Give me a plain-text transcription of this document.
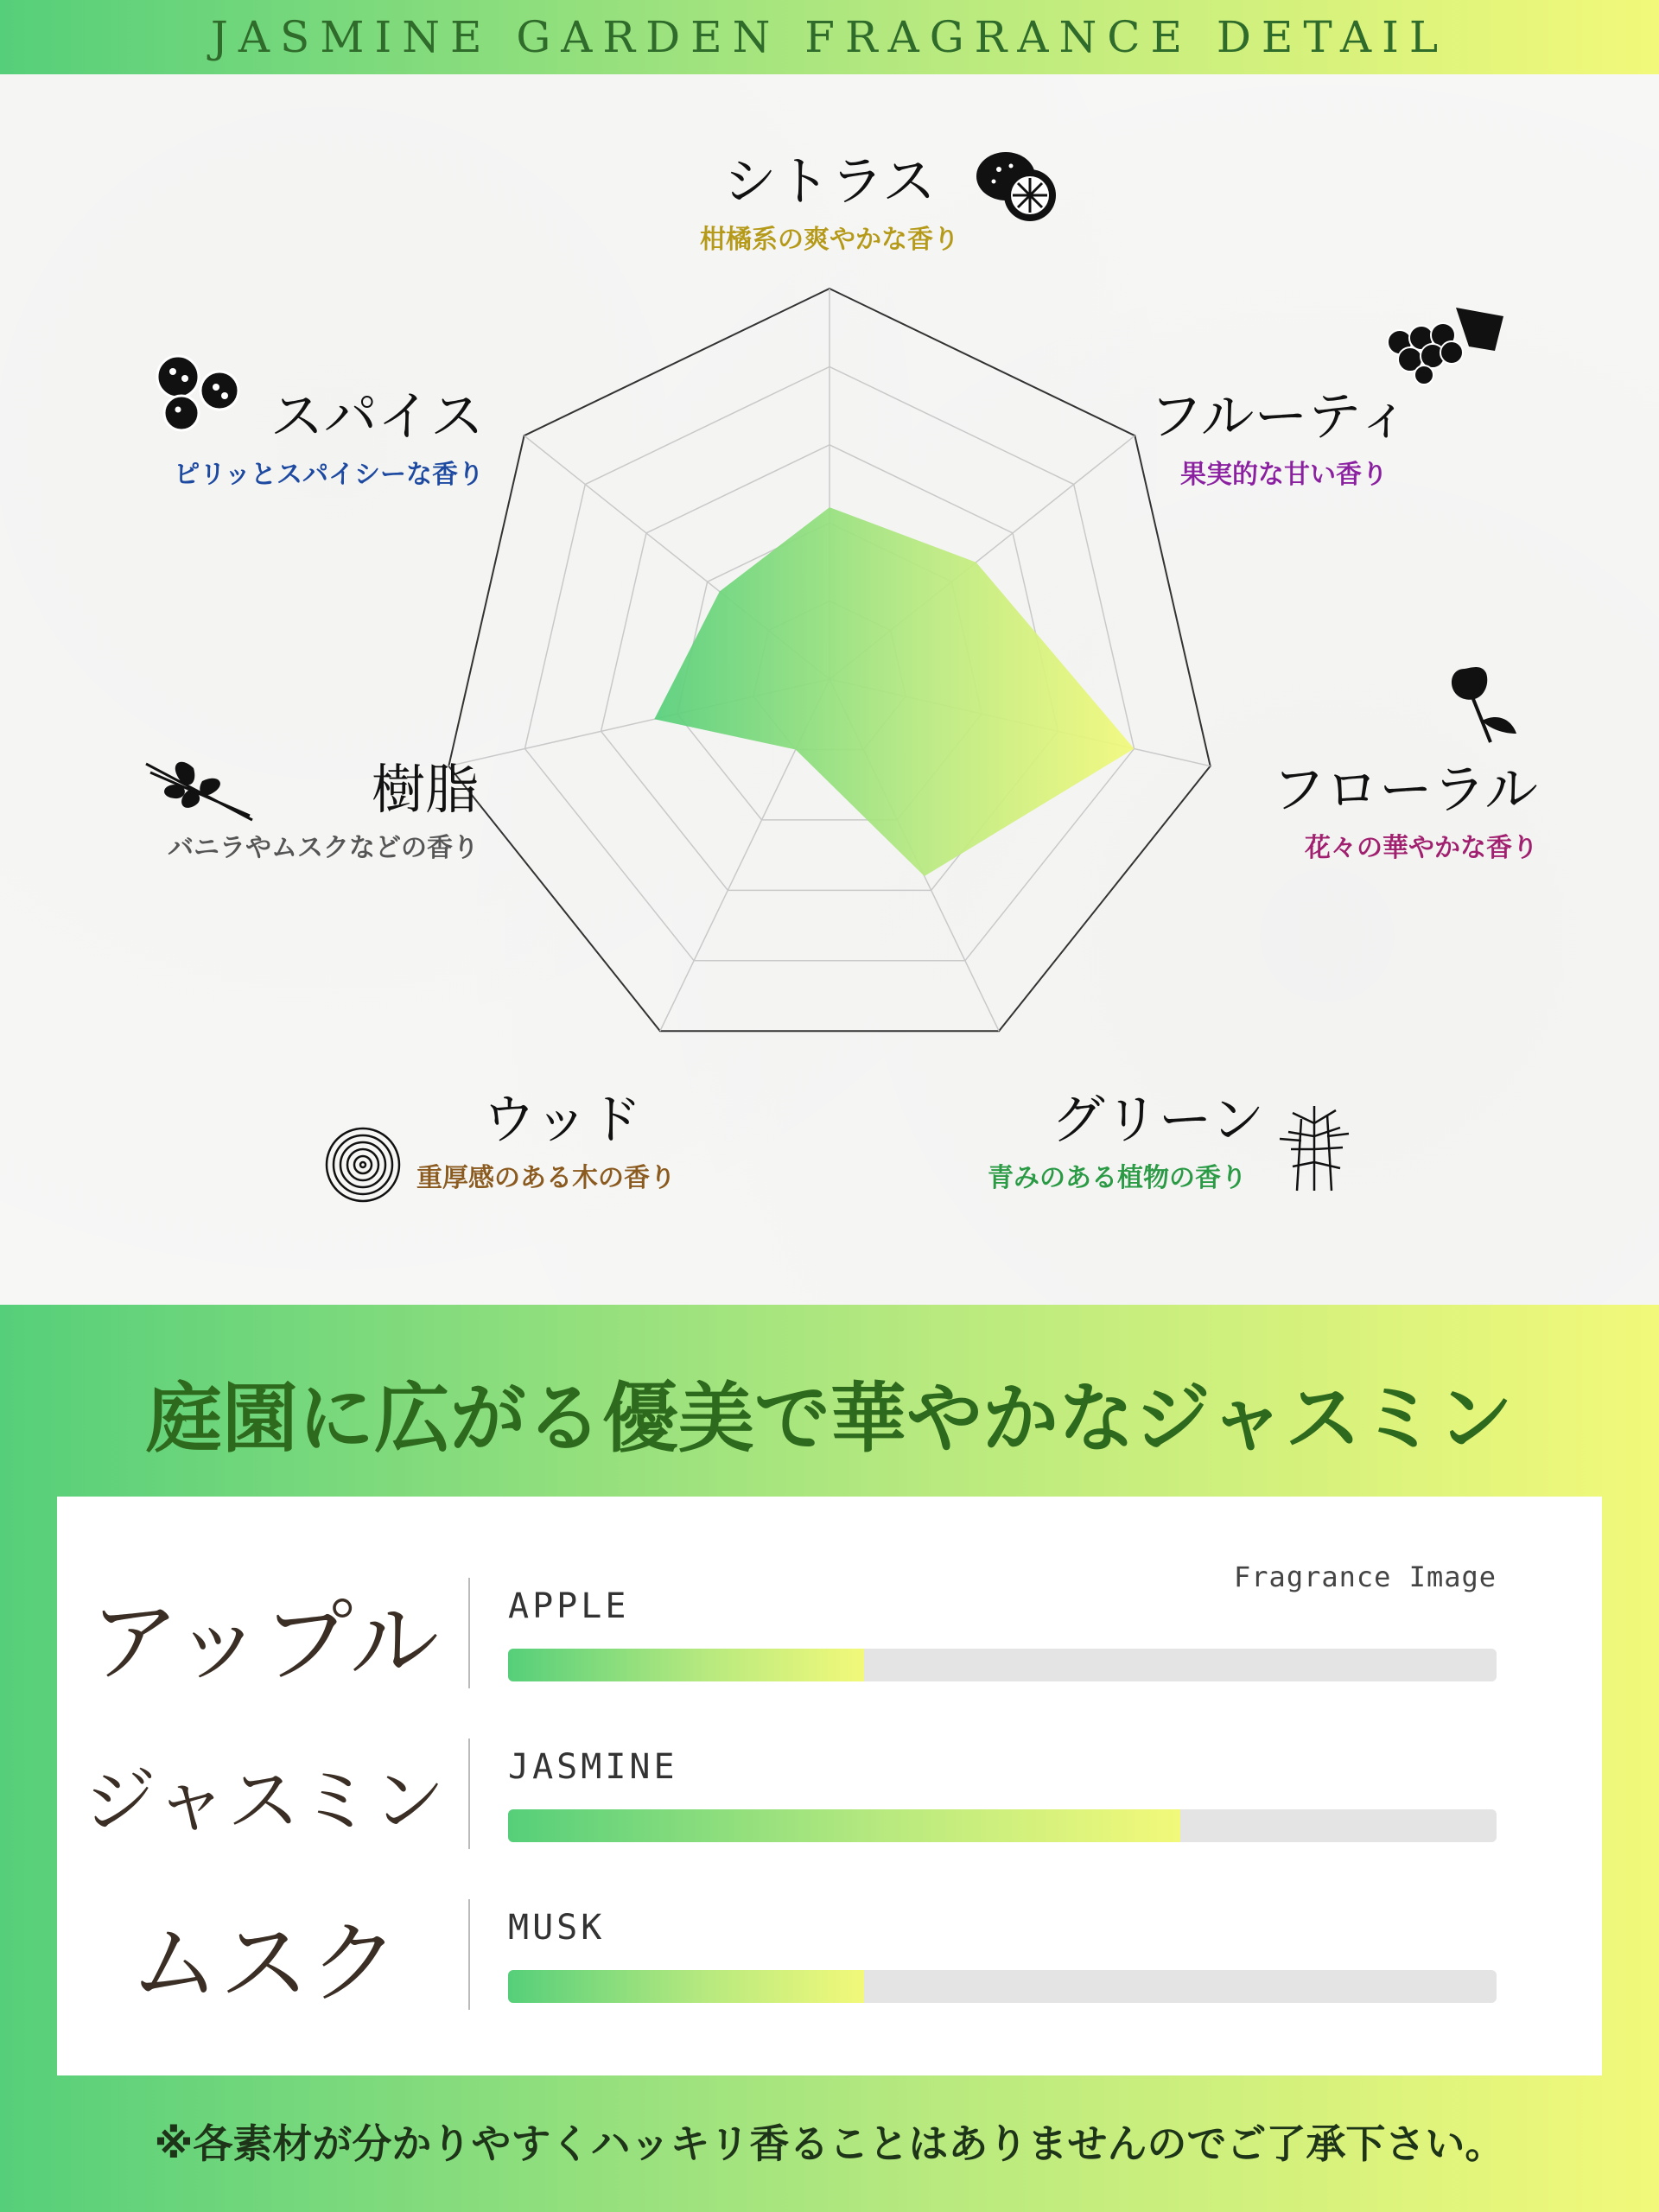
JASMINE GARDEN FRAGRANCE DETAIL
シトラス
柑橘系の爽やかな香り
フルーティ
果実的な甘い香り
フローラル
花々の華やかな香り
グリーン
青みのある植物の香り
ウッド
重厚感のある木の香り
樹脂
バニラやムスクなどの香り
スパイス
ピリッとスパイシーな香り
庭園に広がる優美で華やかなジャスミン
Fragrance Image
アップル	APPLE
ジャスミン	JASMINE
ムスク	MUSK
※各素材が分かりやすくハッキリ香ることはありませんのでご了承下さい。
